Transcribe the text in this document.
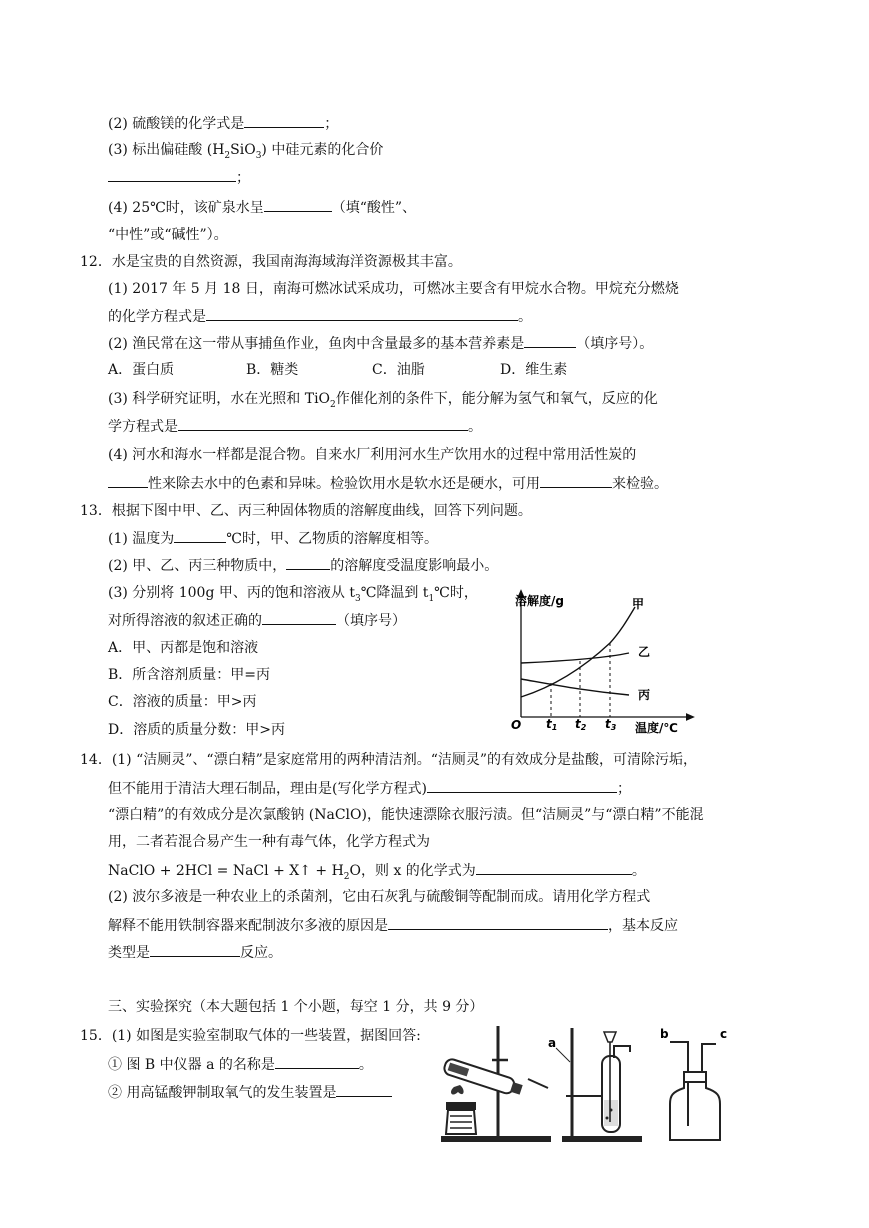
(2) 硫酸镁的化学式是	；
(3) 标出偏硅酸 $(H_2SiO_3)$ 中硅元素的化合价
；
(4) 25℃时，该矿泉水呈	（填“酸性”、
“中性”或“碱性”）。
12．水是宝贵的自然资源，我国南海海域海洋资源极其丰富。
(1) 2017 年 5 月 18 日，南海可燃冰试采成功，可燃冰主要含有甲烷水合物。甲烷充分燃烧
的化学方程式是	。
(2) 渔民常在这一带从事捕鱼作业，鱼肉中含量最多的基本营养素是	（填序号）。
A．蛋白质	B．糖类	C．油脂	D．维生素
(3) 科学研究证明，水在光照和 TiO$_2$作催化剂的条件下，能分解为氢气和氧气，反应的化
学方程式是	。
(4) 河水和海水一样都是混合物。自来水厂利用河水生产饮用水的过程中常用活性炭的
性来除去水中的色素和异味。检验饮用水是软水还是硬水，可用	来检验。
13．根据下图中甲、乙、丙三种固体物质的溶解度曲线，回答下列问题。
(1) 温度为	℃时，甲、乙物质的溶解度相等。
(2) 甲、乙、丙三种物质中，	的溶解度受温度影响最小。
(3) 分别将 100g 甲、丙的饱和溶液从 $t_3℃$降温到 $t_1℃$时，
对所得溶液的叙述正确的	（填序号）
A．甲、丙都是饱和溶液
B．所含溶剂质量：甲=丙
C．溶液的质量：甲>丙
D．溶质的质量分数：甲>丙
溶解度/g
O	温度/℃
t1 t2 t3
甲
乙
丙
14．(1) “洁厕灵”、“漂白精”是家庭常用的两种清洁剂。“洁厕灵”的有效成分是盐酸，可清除污垢，
但不能用于清洁大理石制品，理由是(写化学方程式)	；
“漂白精”的有效成分是次氯酸钠 (NaClO)，能快速漂除衣服污渍。但“洁厕灵”与“漂白精”不能混
用，二者若混合易产生一种有毒气体，化学方程式为
NaClO + 2HCl = NaCl + X↑ + $H_2O$，则 x 的化学式为	。
(2) 波尔多液是一种农业上的杀菌剂，它由石灰乳与硫酸铜等配制而成。请用化学方程式
解释不能用铁制容器来配制波尔多液的原因是	，基本反应
类型是	反应。
三、实验探究（本大题包括 1 个小题，每空 1 分，共 9 分）
15．(1) 如图是实验室制取气体的一些装置，据图回答:
① 图 B 中仪器 a 的名称是	。
② 用高锰酸钾制取氧气的发生装置是
a
b	c
